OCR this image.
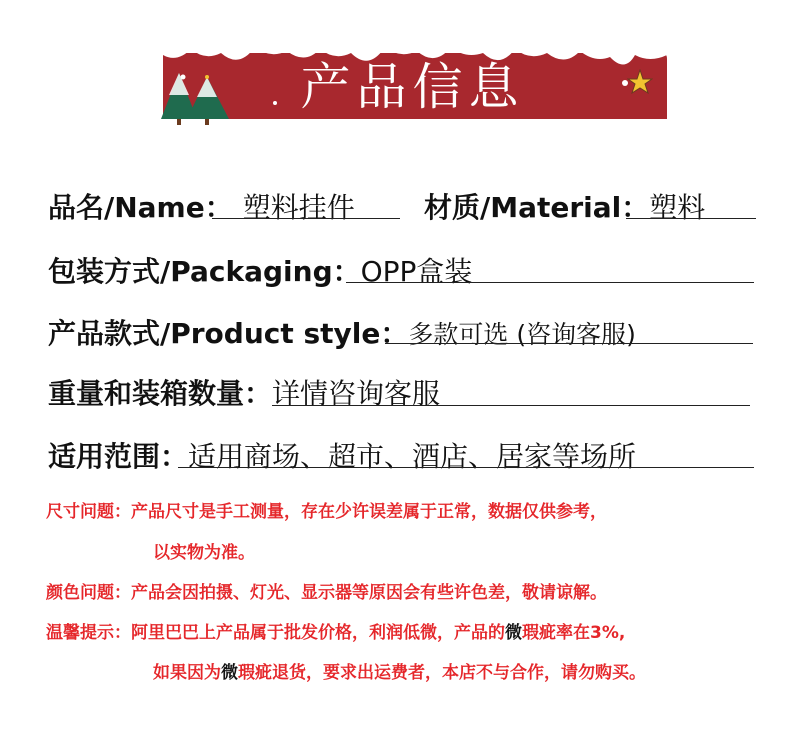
产品信息
品名/Name： 塑料挂件 材质/Material：塑料
包装方式/Packaging：OPP盒装
产品款式/Product style：多款可选 (咨询客服)
重量和装箱数量：详情咨询客服
适用范围：适用商场、超市、酒店、居家等场所
尺寸问题：产品尺寸是手工测量，存在少许误差属于正常，数据仅供参考，
以实物为准。
颜色问题：产品会因拍摄、灯光、显示器等原因会有些许色差，敬请谅解。
温馨提示：阿里巴巴上产品属于批发价格，利润低微，产品的微瑕疵率在3%,
如果因为微瑕疵退货，要求出运费者，本店不与合作，请勿购买。
